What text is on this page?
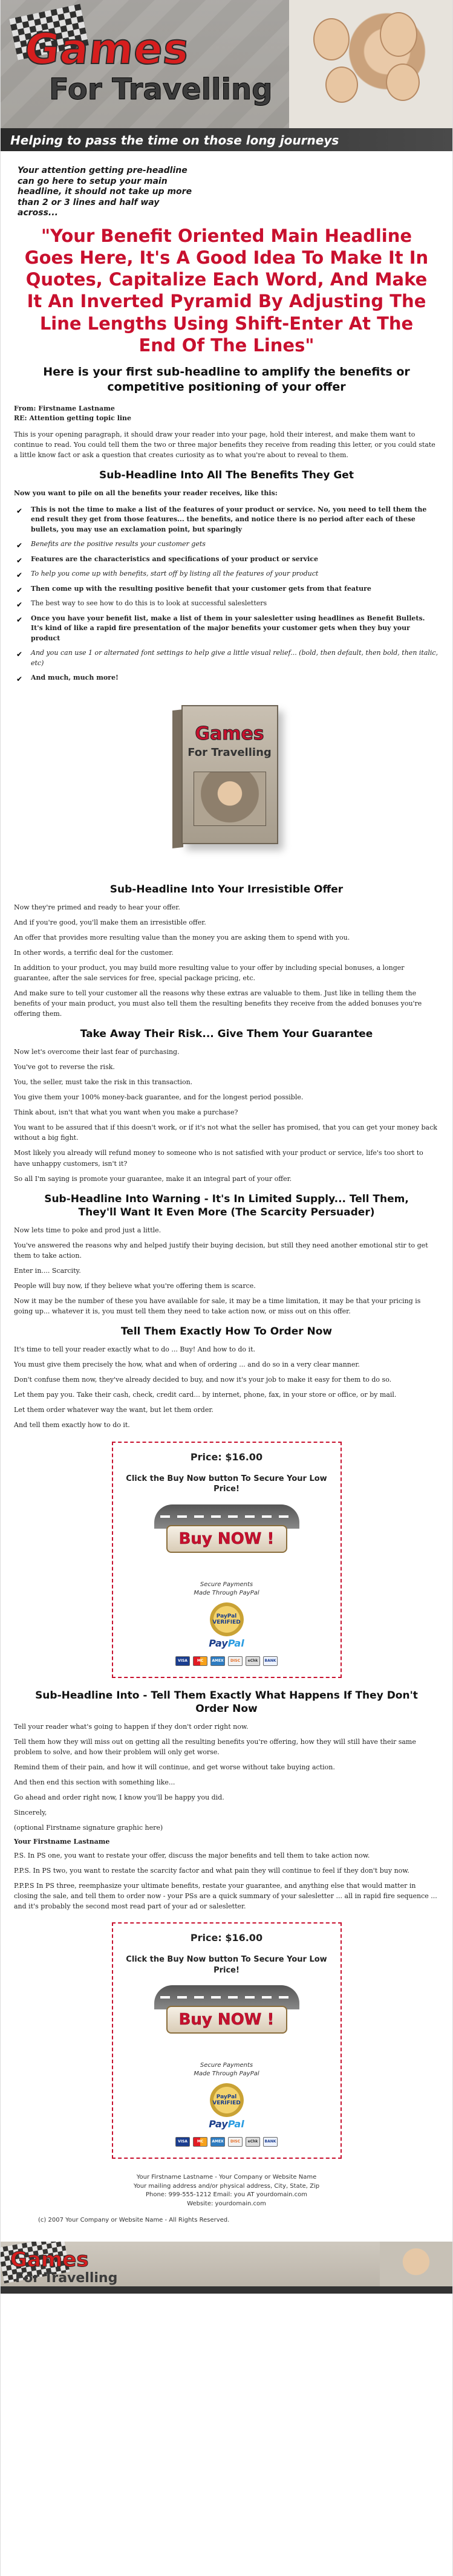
Games
For Travelling
Helping to pass the time on those long journeys
Your attention getting pre-headline can go here to setup your main headline, it should not take up more than 2 or 3 lines and half way across...
"Your Benefit Oriented Main Headline Goes Here, It's A Good Idea To Make It In Quotes, Capitalize Each Word, And Make It An Inverted Pyramid By Adjusting The Line Lengths Using Shift-Enter At The End Of The Lines"
Here is your first sub-headline to amplify the benefits or competitive positioning of your offer
From: Firstname Lastname
RE: Attention getting topic line

This is your opening paragraph, it should draw your reader into your page, hold their interest, and make them want to continue to read. You could tell them the two or three major benefits they receive from reading this letter, or you could state a little know fact or ask a question that creates curiosity as to what you're about to reveal to them.

Sub-Headline Into All The Benefits They Get

Now you want to pile on all the benefits your reader receives, like this:

✔
This is not the time to make a list of the features of your product or service. No, you need to tell them the end result they get from those features... the benefits, and notice there is no period after each of these bullets, you may use an exclamation point, but sparingly
✔
Benefits are the positive results your customer gets
✔
Features are the characteristics and specifications of your product or service
✔
To help you come up with benefits, start off by listing all the features of your product
✔
Then come up with the resulting positive benefit that your customer gets from that feature
✔
The best way to see how to do this is to look at successful salesletters
✔
Once you have your benefit list, make a list of them in your salesletter using headlines as Benefit Bullets. It's kind of like a rapid fire presentation of the major benefits your customer gets when they buy your product
✔
And you can use 1 or alternated font settings to help give a little visual relief... (bold, then default, then bold, then italic, etc)
✔
And much, much more!
Games
For Travelling
Sub-Headline Into Your Irresistible Offer

Now they're primed and ready to hear your offer.

And if you're good, you'll make them an irresistible offer.

An offer that provides more resulting value than the money you are asking them to spend with you.

In other words, a terrific deal for the customer.

In addition to your product, you may build more resulting value to your offer by including special bonuses, a longer guarantee, after the sale services for free, special package pricing, etc.

And make sure to tell your customer all the reasons why these extras are valuable to them. Just like in telling them the benefits of your main product, you must also tell them the resulting benefits they receive from the added bonuses you're offering them.

Take Away Their Risk... Give Them Your Guarantee

Now let's overcome their last fear of purchasing.

You've got to reverse the risk.

You, the seller, must take the risk in this transaction.

You give them your 100% money-back guarantee, and for the longest period possible.

Think about, isn't that what you want when you make a purchase?

You want to be assured that if this doesn't work, or if it's not what the seller has promised, that you can get your money back without a big fight.

Most likely you already will refund money to someone who is not satisfied with your product or service, life's too short to have unhappy customers, isn't it?

So all I'm saying is promote your guarantee, make it an integral part of your offer.

Sub-Headline Into Warning - It's In Limited Supply... Tell Them, They'll Want It Even More (The Scarcity Persuader)

Now lets time to poke and prod just a little.

You've answered the reasons why and helped justify their buying decision, but still they need another emotional stir to get them to take action.

Enter in.... Scarcity.

People will buy now, if they believe what you're offering them is scarce.

Now it may be the number of these you have available for sale, it may be a time limitation, it may be that your pricing is going up... whatever it is, you must tell them they need to take action now, or miss out on this offer.

Tell Them Exactly How To Order Now

It's time to tell your reader exactly what to do ... Buy! And how to do it.

You must give them precisely the how, what and when of ordering ... and do so in a very clear manner.

Don't confuse them now, they've already decided to buy, and now it's your job to make it easy for them to do so.

Let them pay you. Take their cash, check, credit card... by internet, phone, fax, in your store or office, or by mail.

Let them order whatever way the want, but let them order.

And tell them exactly how to do it.

Price: $16.00
Click the Buy Now button To Secure Your Low Price!
Buy NOW !
Secure Payments
Made Through PayPal
PayPal VERIFIED
PayPal
VISA	MC	AMEX	DISC	eChk	BANK
Sub-Headline Into - Tell Them Exactly What Happens If They Don't Order Now

Tell your reader what's going to happen if they don't order right now.

Tell them how they will miss out on getting all the resulting benefits you're offering, how they will still have their same problem to solve, and how their problem will only get worse.

Remind them of their pain, and how it will continue, and get worse without take buying action.

And then end this section with something like...

Go ahead and order right now, I know you'll be happy you did.

Sincerely,

(optional Firstname signature graphic here)

Your Firstname Lastname

P.S. In PS one, you want to restate your offer, discuss the major benefits and tell them to take action now.

P.P.S. In PS two, you want to restate the scarcity factor and what pain they will continue to feel if they don't buy now.

P.P.P.S In PS three, reemphasize your ultimate benefits, restate your guarantee, and anything else that would matter in closing the sale, and tell them to order now - your PSs are a quick summary of your salesletter ... all in rapid fire sequence ... and it's probably the second most read part of your ad or salesletter.

Price: $16.00
Click the Buy Now button To Secure Your Low Price!
Buy NOW !
Secure Payments
Made Through PayPal
PayPal VERIFIED
PayPal
VISA	MC	AMEX	DISC	eChk	BANK
Your Firstname Lastname - Your Company or Website Name
Your mailing address and/or physical address, City, State, Zip
Phone: 999-555-1212 Email: you AT yourdomain.com
Website: yourdomain.com
(c) 2007 Your Company or Website Name - All Rights Reserved.
Games
For Travelling
